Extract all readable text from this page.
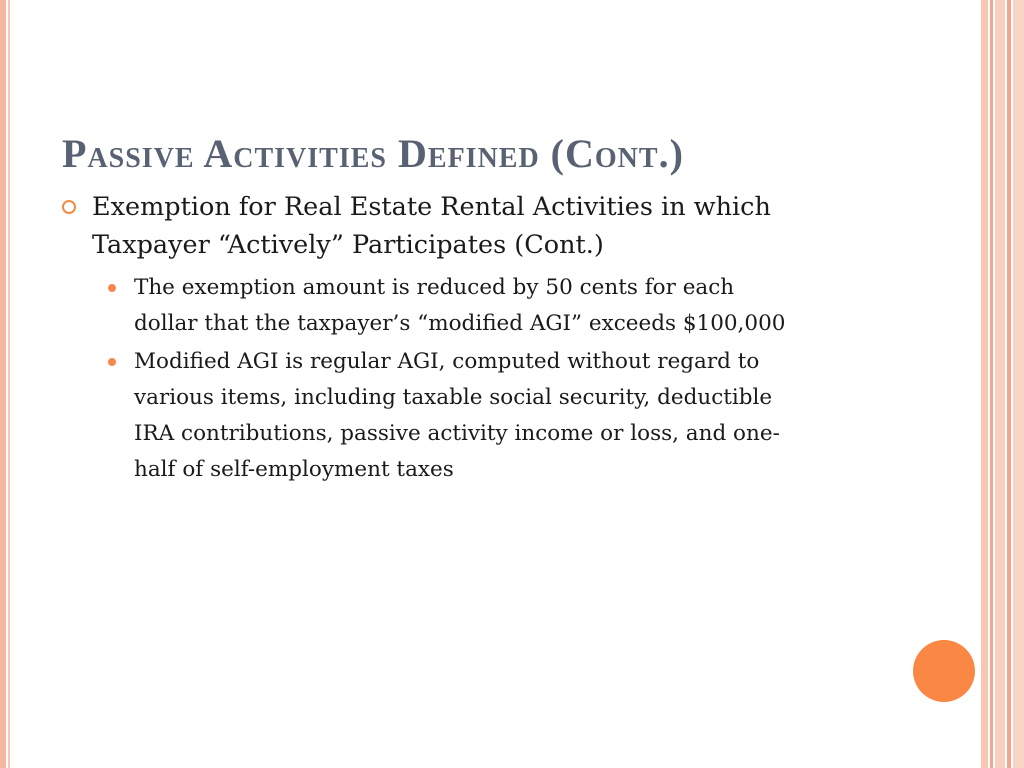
Passive Activities Defined (Cont.)
Exemption for Real Estate Rental Activities in which Taxpayer “Actively” Participates (Cont.)
The exemption amount is reduced by 50 cents for each dollar that the taxpayer’s “modified AGI” exceeds $100,000
Modified AGI is regular AGI, computed without regard to various items, including taxable social security, deductible IRA contributions, passive activity income or loss, and one-half of self-employment taxes
